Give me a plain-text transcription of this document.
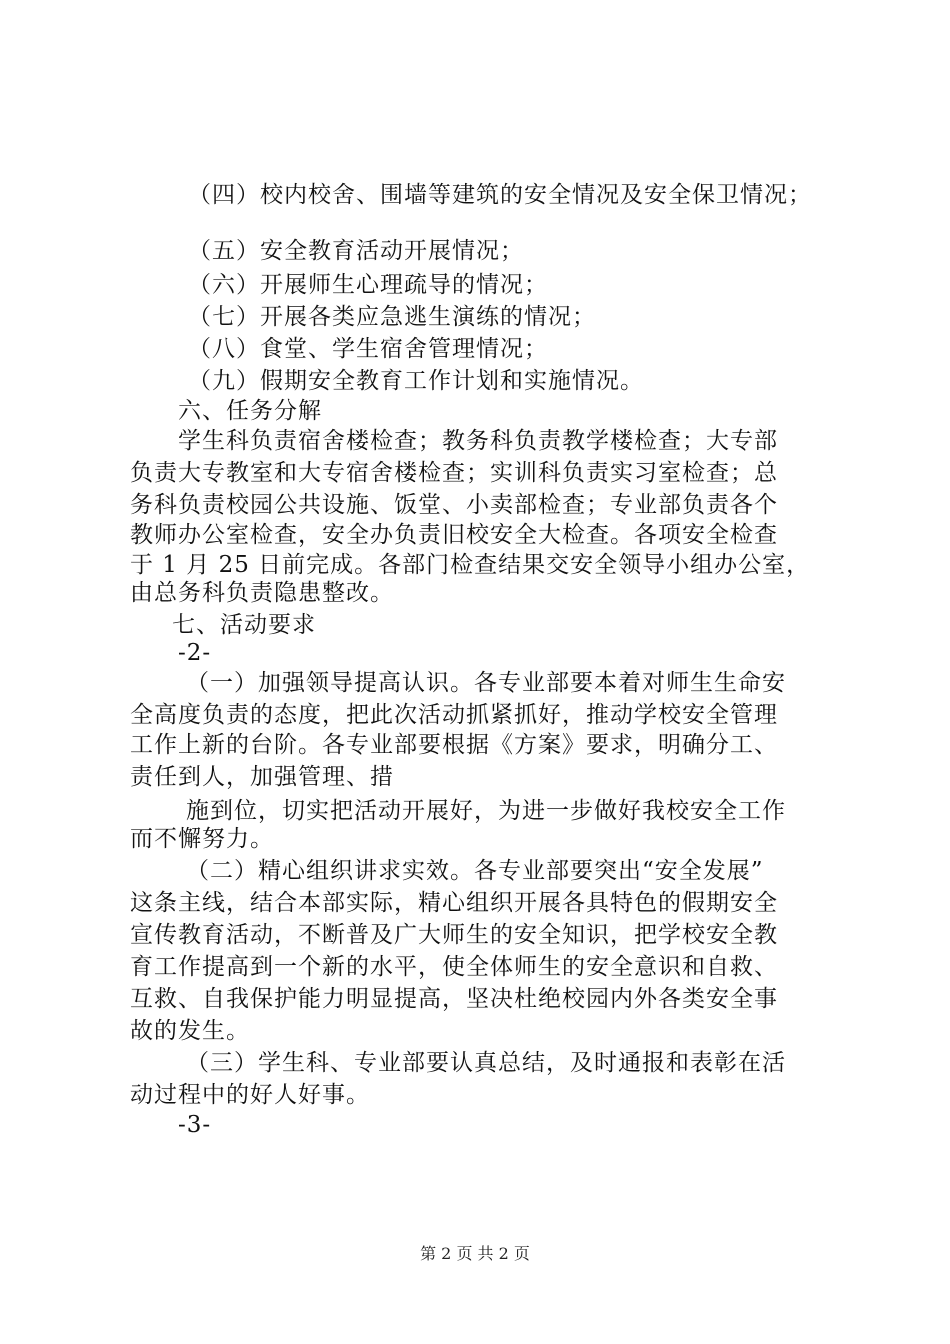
（四）校内校舍、围墙等建筑的安全情况及安全保卫情况；
（五）安全教育活动开展情况；
（六）开展师生心理疏导的情况；
（七）开展各类应急逃生演练的情况；
（八）食堂、学生宿舍管理情况；
（九）假期安全教育工作计划和实施情况。
六、任务分解
学生科负责宿舍楼检查；教务科负责教学楼检查；大专部
负责大专教室和大专宿舍楼检查；实训科负责实习室检查；总
务科负责校园公共设施、饭堂、小卖部检查；专业部负责各个
教师办公室检查，安全办负责旧校安全大检查。各项安全检查
于 1 月 25 日前完成。各部门检查结果交安全领导小组办公室，
由总务科负责隐患整改。
七、活动要求
-2-
（一）加强领导提高认识。各专业部要本着对师生生命安
全高度负责的态度，把此次活动抓紧抓好，推动学校安全管理
工作上新的台阶。各专业部要根据《方案》要求，明确分工、
责任到人，加强管理、措
施到位，切实把活动开展好，为进一步做好我校安全工作
而不懈努力。
（二）精心组织讲求实效。各专业部要突出“安全发展”
这条主线，结合本部实际，精心组织开展各具特色的假期安全
宣传教育活动，不断普及广大师生的安全知识，把学校安全教
育工作提高到一个新的水平，使全体师生的安全意识和自救、
互救、自我保护能力明显提高，坚决杜绝校园内外各类安全事
故的发生。
（三）学生科、专业部要认真总结，及时通报和表彰在活
动过程中的好人好事。
-3-
第 2 页 共 2 页
